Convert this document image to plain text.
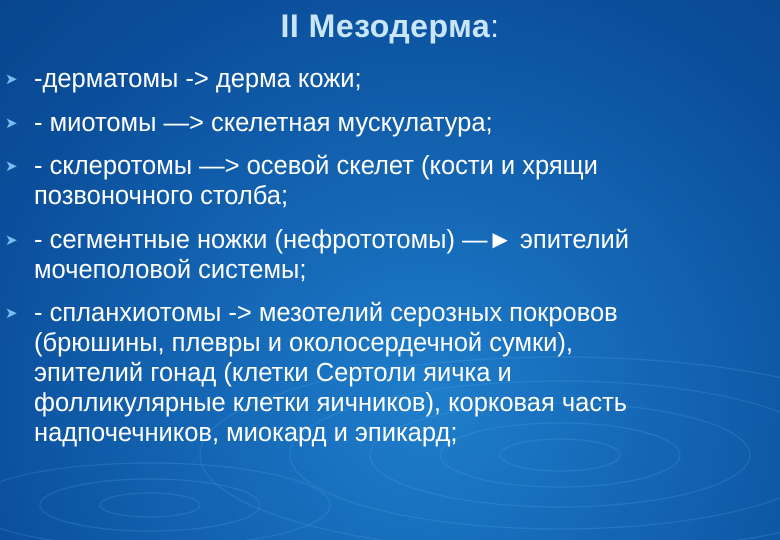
II Мезодерма:
➤ -дерматомы -> дерма кожи;
➤ - миотомы —> скелетная мускулатура;
➤ - склеротомы —> осевой скелет (кости и хрящи
позвоночного столба;
➤ - сегментные ножки (нефрототомы) —► эпителий
мочеполовой системы;
➤ - спланхиотомы -> мезотелий серозных покровов
(брюшины, плевры и околосердечной сумки),
эпителий гонад (клетки Сертоли яичка и
фолликулярные клетки яичников), корковая часть
надпочечников, миокард и эпикард;
